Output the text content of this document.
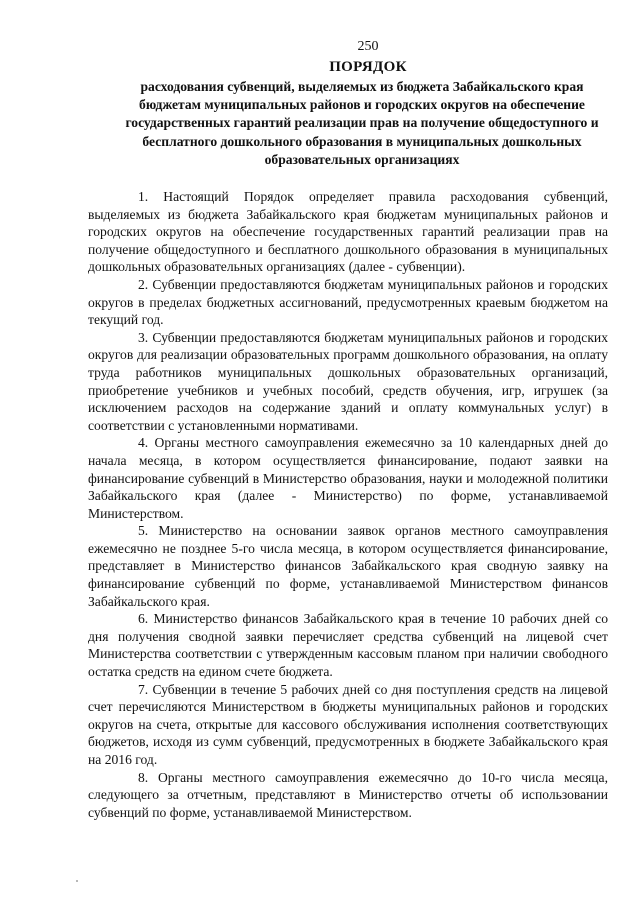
250
ПОРЯДОК
расходования субвенций, выделяемых из бюджета Забайкальского края бюджетам муниципальных районов и городских округов на обеспечение государственных гарантий реализации прав на получение общедоступного и бесплатного дошкольного образования в муниципальных дошкольных образовательных организациях

1. Настоящий Порядок определяет правила расходования субвенций, выделяемых из бюджета Забайкальского края бюджетам муниципальных районов и городских округов на обеспечение государственных гарантий реализации прав на получение общедоступного и бесплатного дошкольного образования в муниципальных дошкольных образовательных организациях (далее - субвенции).

2. Субвенции предоставляются бюджетам муниципальных районов и городских округов в пределах бюджетных ассигнований, предусмотренных краевым бюджетом на текущий год.

3. Субвенции предоставляются бюджетам муниципальных районов и городских округов для реализации образовательных программ дошкольного образования, на оплату труда работников муниципальных дошкольных образовательных организаций, приобретение учебников и учебных пособий, средств обучения, игр, игрушек (за исключением расходов на содержание зданий и оплату коммунальных услуг) в соответствии с установленными нормативами.

4. Органы местного самоуправления ежемесячно за 10 календарных дней до начала месяца, в котором осуществляется финансирование, подают заявки на финансирование субвенций в Министерство образования, науки и молодежной политики Забайкальского края (далее - Министерство) по форме, устанавливаемой Министерством.

5. Министерство на основании заявок органов местного самоуправления ежемесячно не позднее 5-го числа месяца, в котором осуществляется финансирование, представляет в Министерство финансов Забайкальского края сводную заявку на финансирование субвенций по форме, устанавливаемой Министерством финансов Забайкальского края.

6. Министерство финансов Забайкальского края в течение 10 рабочих дней со дня получения сводной заявки перечисляет средства субвенций на лицевой счет Министерства соответствии с утвержденным кассовым планом при наличии свободного остатка средств на едином счете бюджета.

7. Субвенции в течение 5 рабочих дней со дня поступления средств на лицевой счет перечисляются Министерством в бюджеты муниципальных районов и городских округов на счета, открытые для кассового обслуживания исполнения соответствующих бюджетов, исходя из сумм субвенций, предусмотренных в бюджете Забайкальского края на 2016 год.

8. Органы местного самоуправления ежемесячно до 10-го числа месяца, следующего за отчетным, представляют в Министерство отчеты об использовании субвенций по форме, устанавливаемой Министерством.
